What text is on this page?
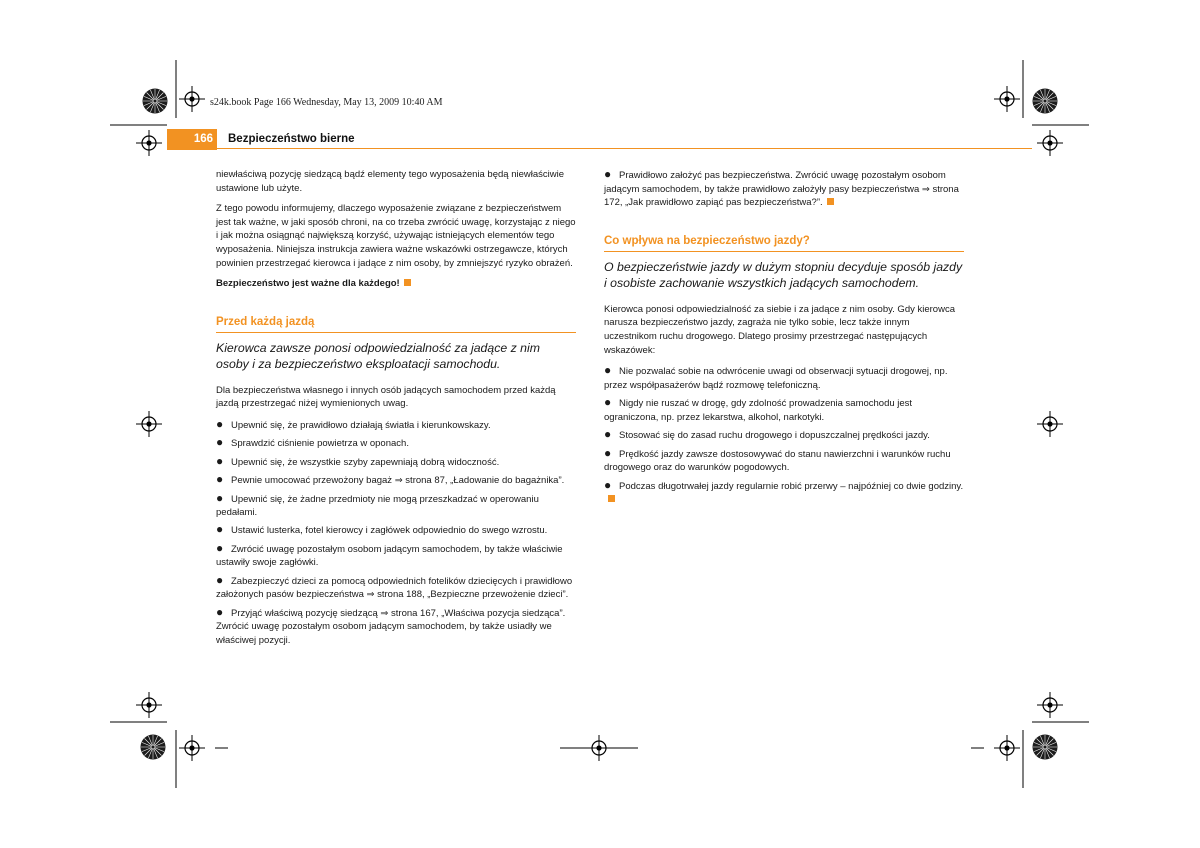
s24k.book Page 166 Wednesday, May 13, 2009 10:40 AM
166	Bezpieczeństwo bierne

niewłaściwą pozycję siedzącą bądź elementy tego wyposażenia będą niewłaściwie ustawione lub użyte.

Z tego powodu informujemy, dlaczego wyposażenie związane z bezpieczeństwem jest tak ważne, w jaki sposób chroni, na co trzeba zwrócić uwagę, korzystając z niego i jak można osiągnąć największą korzyść, używając istniejących elementów tego wyposażenia. Niniejsza instrukcja zawiera ważne wskazówki ostrzegawcze, których powinien przestrzegać kierowca i jadące z nim osoby, by zmniejszyć ryzyko obrażeń.

Bezpieczeństwo jest ważne dla każdego!

Przed każdą jazdą
Kierowca zawsze ponosi odpowiedzialność za jadące z nim osoby i za bezpieczeństwo eksploatacji samochodu.

Dla bezpieczeństwa własnego i innych osób jadących samochodem przed każdą jazdą przestrzegać niżej wymienionych uwag.

● Upewnić się, że prawidłowo działają światła i kierunkowskazy.
● Sprawdzić ciśnienie powietrza w oponach.
● Upewnić się, że wszystkie szyby zapewniają dobrą widoczność.
● Pewnie umocować przewożony bagaż ⇒ strona 87, „Ładowanie do bagażnika”.
● Upewnić się, że żadne przedmioty nie mogą przeszkadzać w operowaniu pedałami.
● Ustawić lusterka, fotel kierowcy i zagłówek odpowiednio do swego wzrostu.
● Zwrócić uwagę pozostałym osobom jadącym samochodem, by także właściwie ustawiły swoje zagłówki.
● Zabezpieczyć dzieci za pomocą odpowiednich fotelików dziecięcych i prawidłowo założonych pasów bezpieczeństwa ⇒ strona 188, „Bezpieczne przewożenie dzieci”.
● Przyjąć właściwą pozycję siedzącą ⇒ strona 167, „Właściwa pozycja siedząca”. Zwrócić uwagę pozostałym osobom jadącym samochodem, by także usiadły we właściwej pozycji.
● Prawidłowo założyć pas bezpieczeństwa. Zwrócić uwagę pozostałym osobom jadącym samochodem, by także prawidłowo założyły pasy bezpieczeństwa ⇒ strona 172, „Jak prawidłowo zapiąć pas bezpieczeństwa?”.
Co wpływa na bezpieczeństwo jazdy?
O bezpieczeństwie jazdy w dużym stopniu decyduje sposób jazdy i osobiste zachowanie wszystkich jadących samochodem.

Kierowca ponosi odpowiedzialność za siebie i za jadące z nim osoby. Gdy kierowca narusza bezpieczeństwo jazdy, zagraża nie tylko sobie, lecz także innym uczestnikom ruchu drogowego. Dlatego prosimy przestrzegać następujących wskazówek:

● Nie pozwalać sobie na odwrócenie uwagi od obserwacji sytuacji drogowej, np. przez współpasażerów bądź rozmowę telefoniczną.
● Nigdy nie ruszać w drogę, gdy zdolność prowadzenia samochodu jest ograniczona, np. przez lekarstwa, alkohol, narkotyki.
● Stosować się do zasad ruchu drogowego i dopuszczalnej prędkości jazdy.
● Prędkość jazdy zawsze dostosowywać do stanu nawierzchni i warunków ruchu drogowego oraz do warunków pogodowych.
● Podczas długotrwałej jazdy regularnie robić przerwy – najpóźniej co dwie godziny.
